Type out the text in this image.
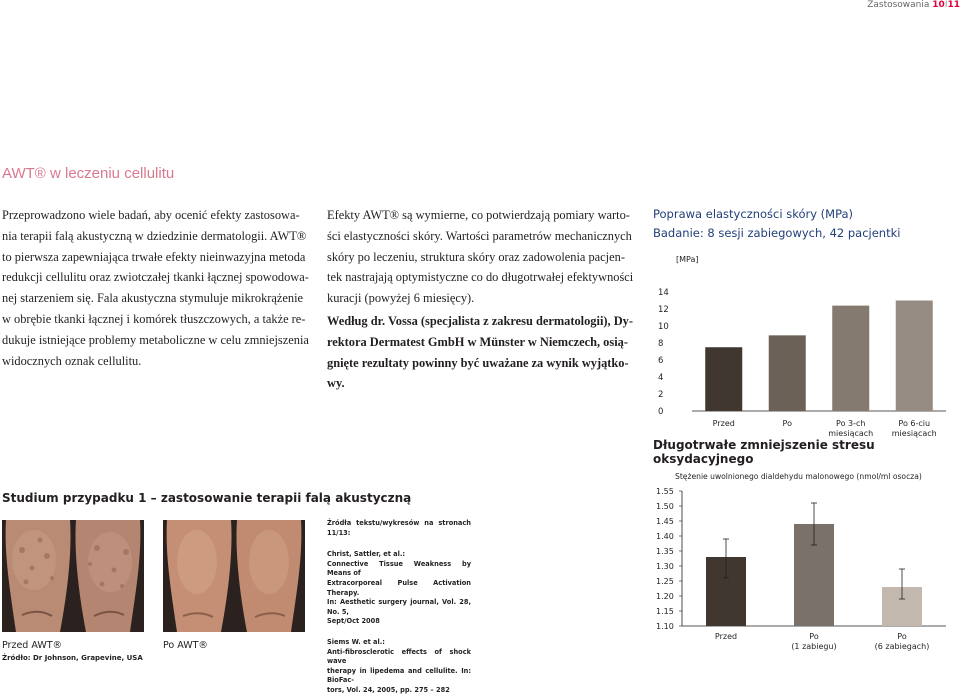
Zastosowania 10I11
AWT® w leczeniu cellulitu
Przeprowadzono wiele badań, aby ocenić efekty zastosowa-
nia terapii falą akustyczną w dziedzinie dermatologii. AWT®
to pierwsza zapewniająca trwałe efekty nieinwazyjna metoda
redukcji cellulitu oraz zwiotczałej tkanki łącznej spowodowa-
nej starzeniem się. Fala akustyczna stymuluje mikrokrążenie
w obrębie tkanki łącznej i komórek tłuszczowych, a także re-
dukuje istniejące problemy metaboliczne w celu zmniejszenia
widocznych oznak cellulitu.
Efekty AWT® są wymierne, co potwierdzają pomiary warto-
ści elastyczności skóry. Wartości parametrów mechanicznych
skóry po leczeniu, struktura skóry oraz zadowolenia pacjen-
tek nastrajają optymistyczne co do długotrwałej efektywności
kuracji (powyżej 6 miesięcy).
Według dr. Vossa (specjalista z zakresu dermatologii), Dy-
rektora Dermatest GmbH w Münster w Niemczech, osią-
gnięte rezultaty powinny być uważane za wynik wyjątko-
wy.
Poprawa elastyczności skóry (MPa)
Badanie: 8 sesji zabiegowych, 42 pacjentki
[MPa]
0
2
4
6
8
10
12
14
Przed	Po	Po 3-ch
miesiącach
Po 6-ciu
miesiącach
Długotrwałe zmniejszenie stresu oksydacyjnego
Stężenie uwolnionego dialdehydu malonowego (nmol/ml osocza)
1.10
1.15
1.20
1.25
1.30
1.35
1.40
1.45
1.50
1.55
Przed	Po
(1 zabiegu)
Po
(6 zabiegach)
Studium przypadku 1 – zastosowanie terapii falą akustyczną
Przed AWT®
Źródło: Dr Johnson, Grapevine, USA
Po AWT®
Źródła tekstu/wykresów na stronach 11/13:
Christ, Sattler, et al.:
Connective Tissue Weakness by Means of
Extracorporeal Pulse Activation Therapy.
In: Aesthetic surgery journal, Vol. 28, No. 5,
Sept/Oct 2008
Siems W. et al.:
Anti-fibrosclerotic effects of shock wave
therapy in lipedema and cellulite. In: BioFac-
tors, Vol. 24, 2005, pp. 275 – 282
